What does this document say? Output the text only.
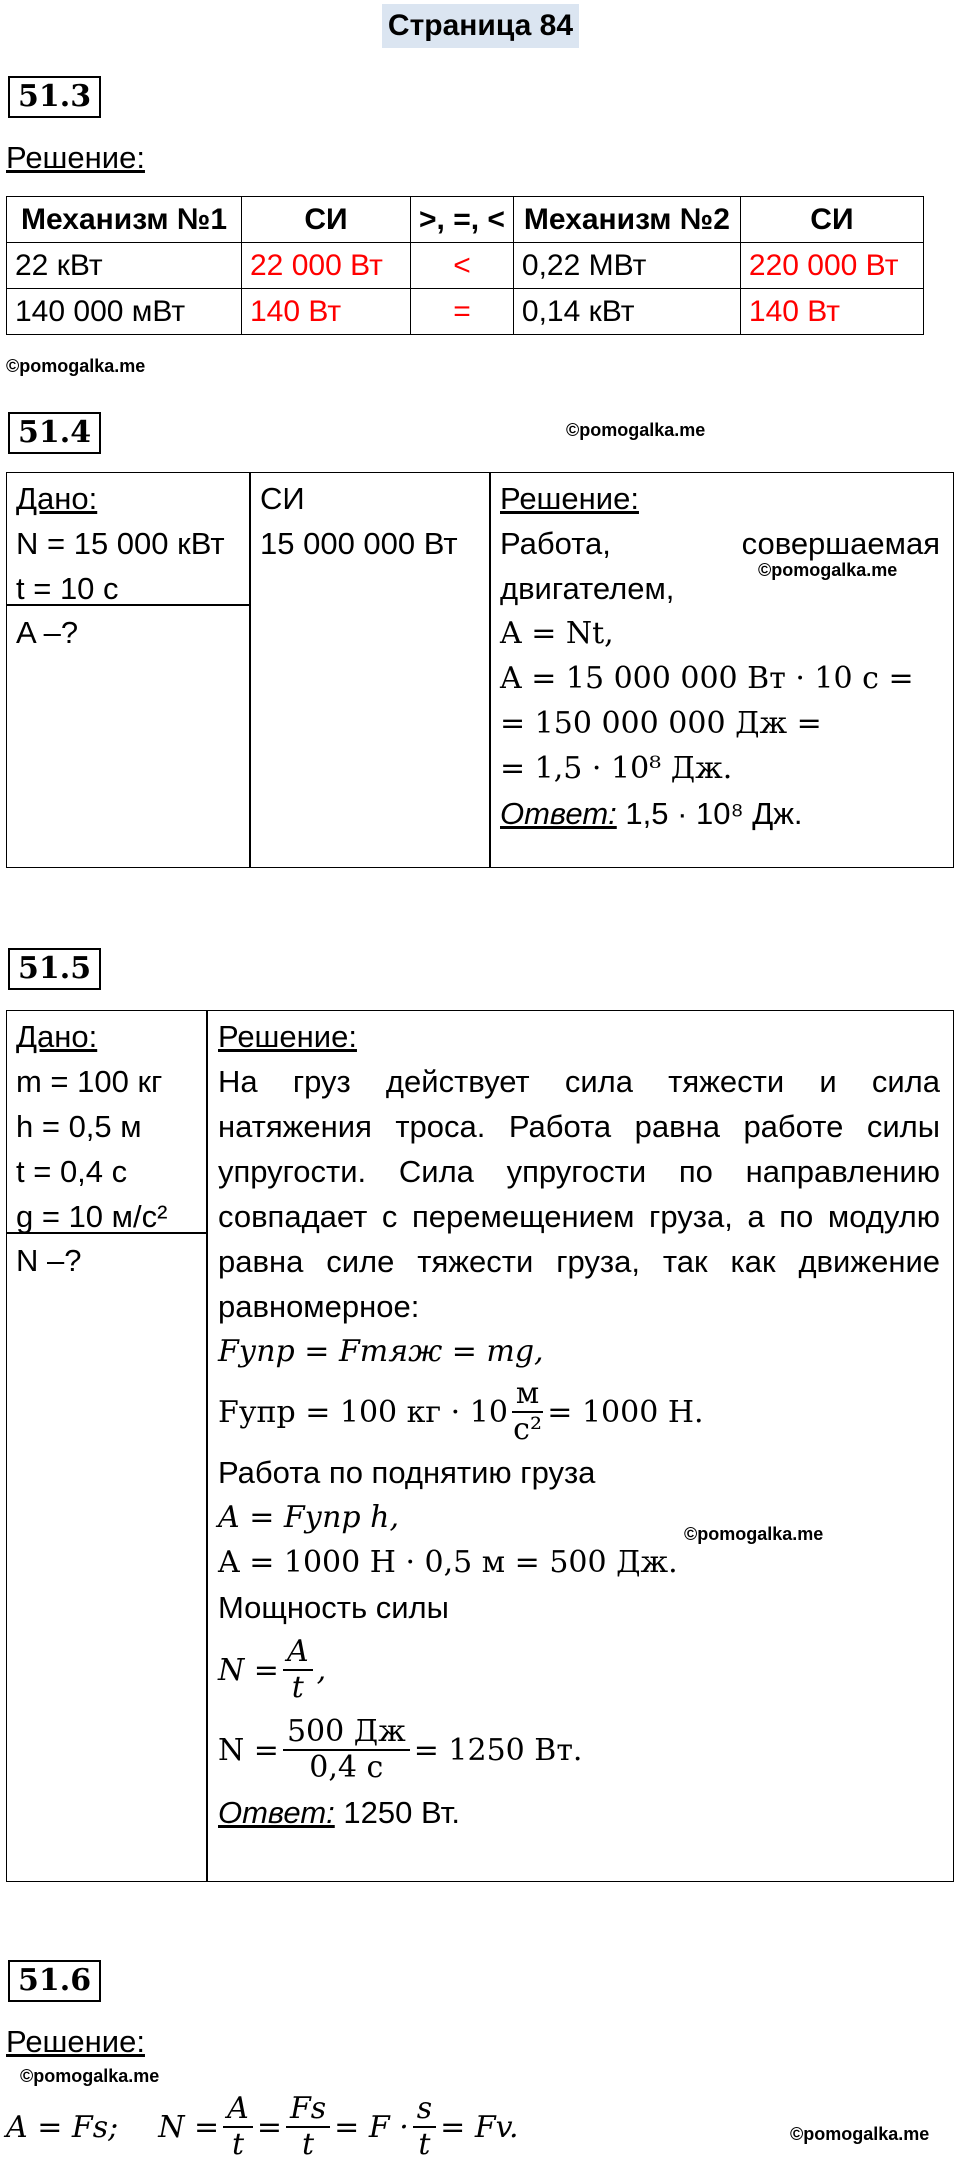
Страница 84
51.3
Решение:
Механизм №1	СИ	>, =, <	Механизм №2	СИ
22 кВт	22 000 Вт	<	0,22 МВт	220 000 Вт
140 000 мВт	140 Вт	=	0,14 кВт	140 Вт
©pomogalka.me
51.4	©pomogalka.me
Дано:
N = 15 000 кВт
t = 10 с
A –?
СИ
15 000 000 Вт
Решение:
Работа,	совершаемая
двигателем,
A = Nt,
A = 15 000 000 Вт · 10 с =
= 150 000 000 Дж =
= 1,5 · 10⁸ Дж.
Ответ: 1,5 · 10⁸ Дж.
©pomogalka.me
51.5
Дано:
m = 100 кг
h = 0,5 м
t = 0,4 с
g = 10 м/с²
N –?
Решение:
На груз действует сила тяжести и сила
натяжения троса. Работа равна работе силы
упругости. Сила упругости по направлению
совпадает с перемещением груза, а по модулю
равна силе тяжести груза, так как движение
равномерное:
Fупр = Fтяж = mg,
Fупр = 100 кг · $10 \frac{м}{\text{с²}} = 1000$ Н.
Работа по поднятию груза
A = Fупр h,
A = 1000 Н · 0,5 м = 500 Дж.
Мощность силы
$N = \frac{A}{t}$ ,
$N = \frac{500 Дж}{0,4 с} = 1250$ Вт.
Ответ: 1250 Вт.
©pomogalka.me
51.6
Решение:
©pomogalka.me
©pomogalka.me
A = Fs; $N = \frac{A}{t} = \frac{Fs}{t} = F \cdot \frac{s}{t} = Fv$.
